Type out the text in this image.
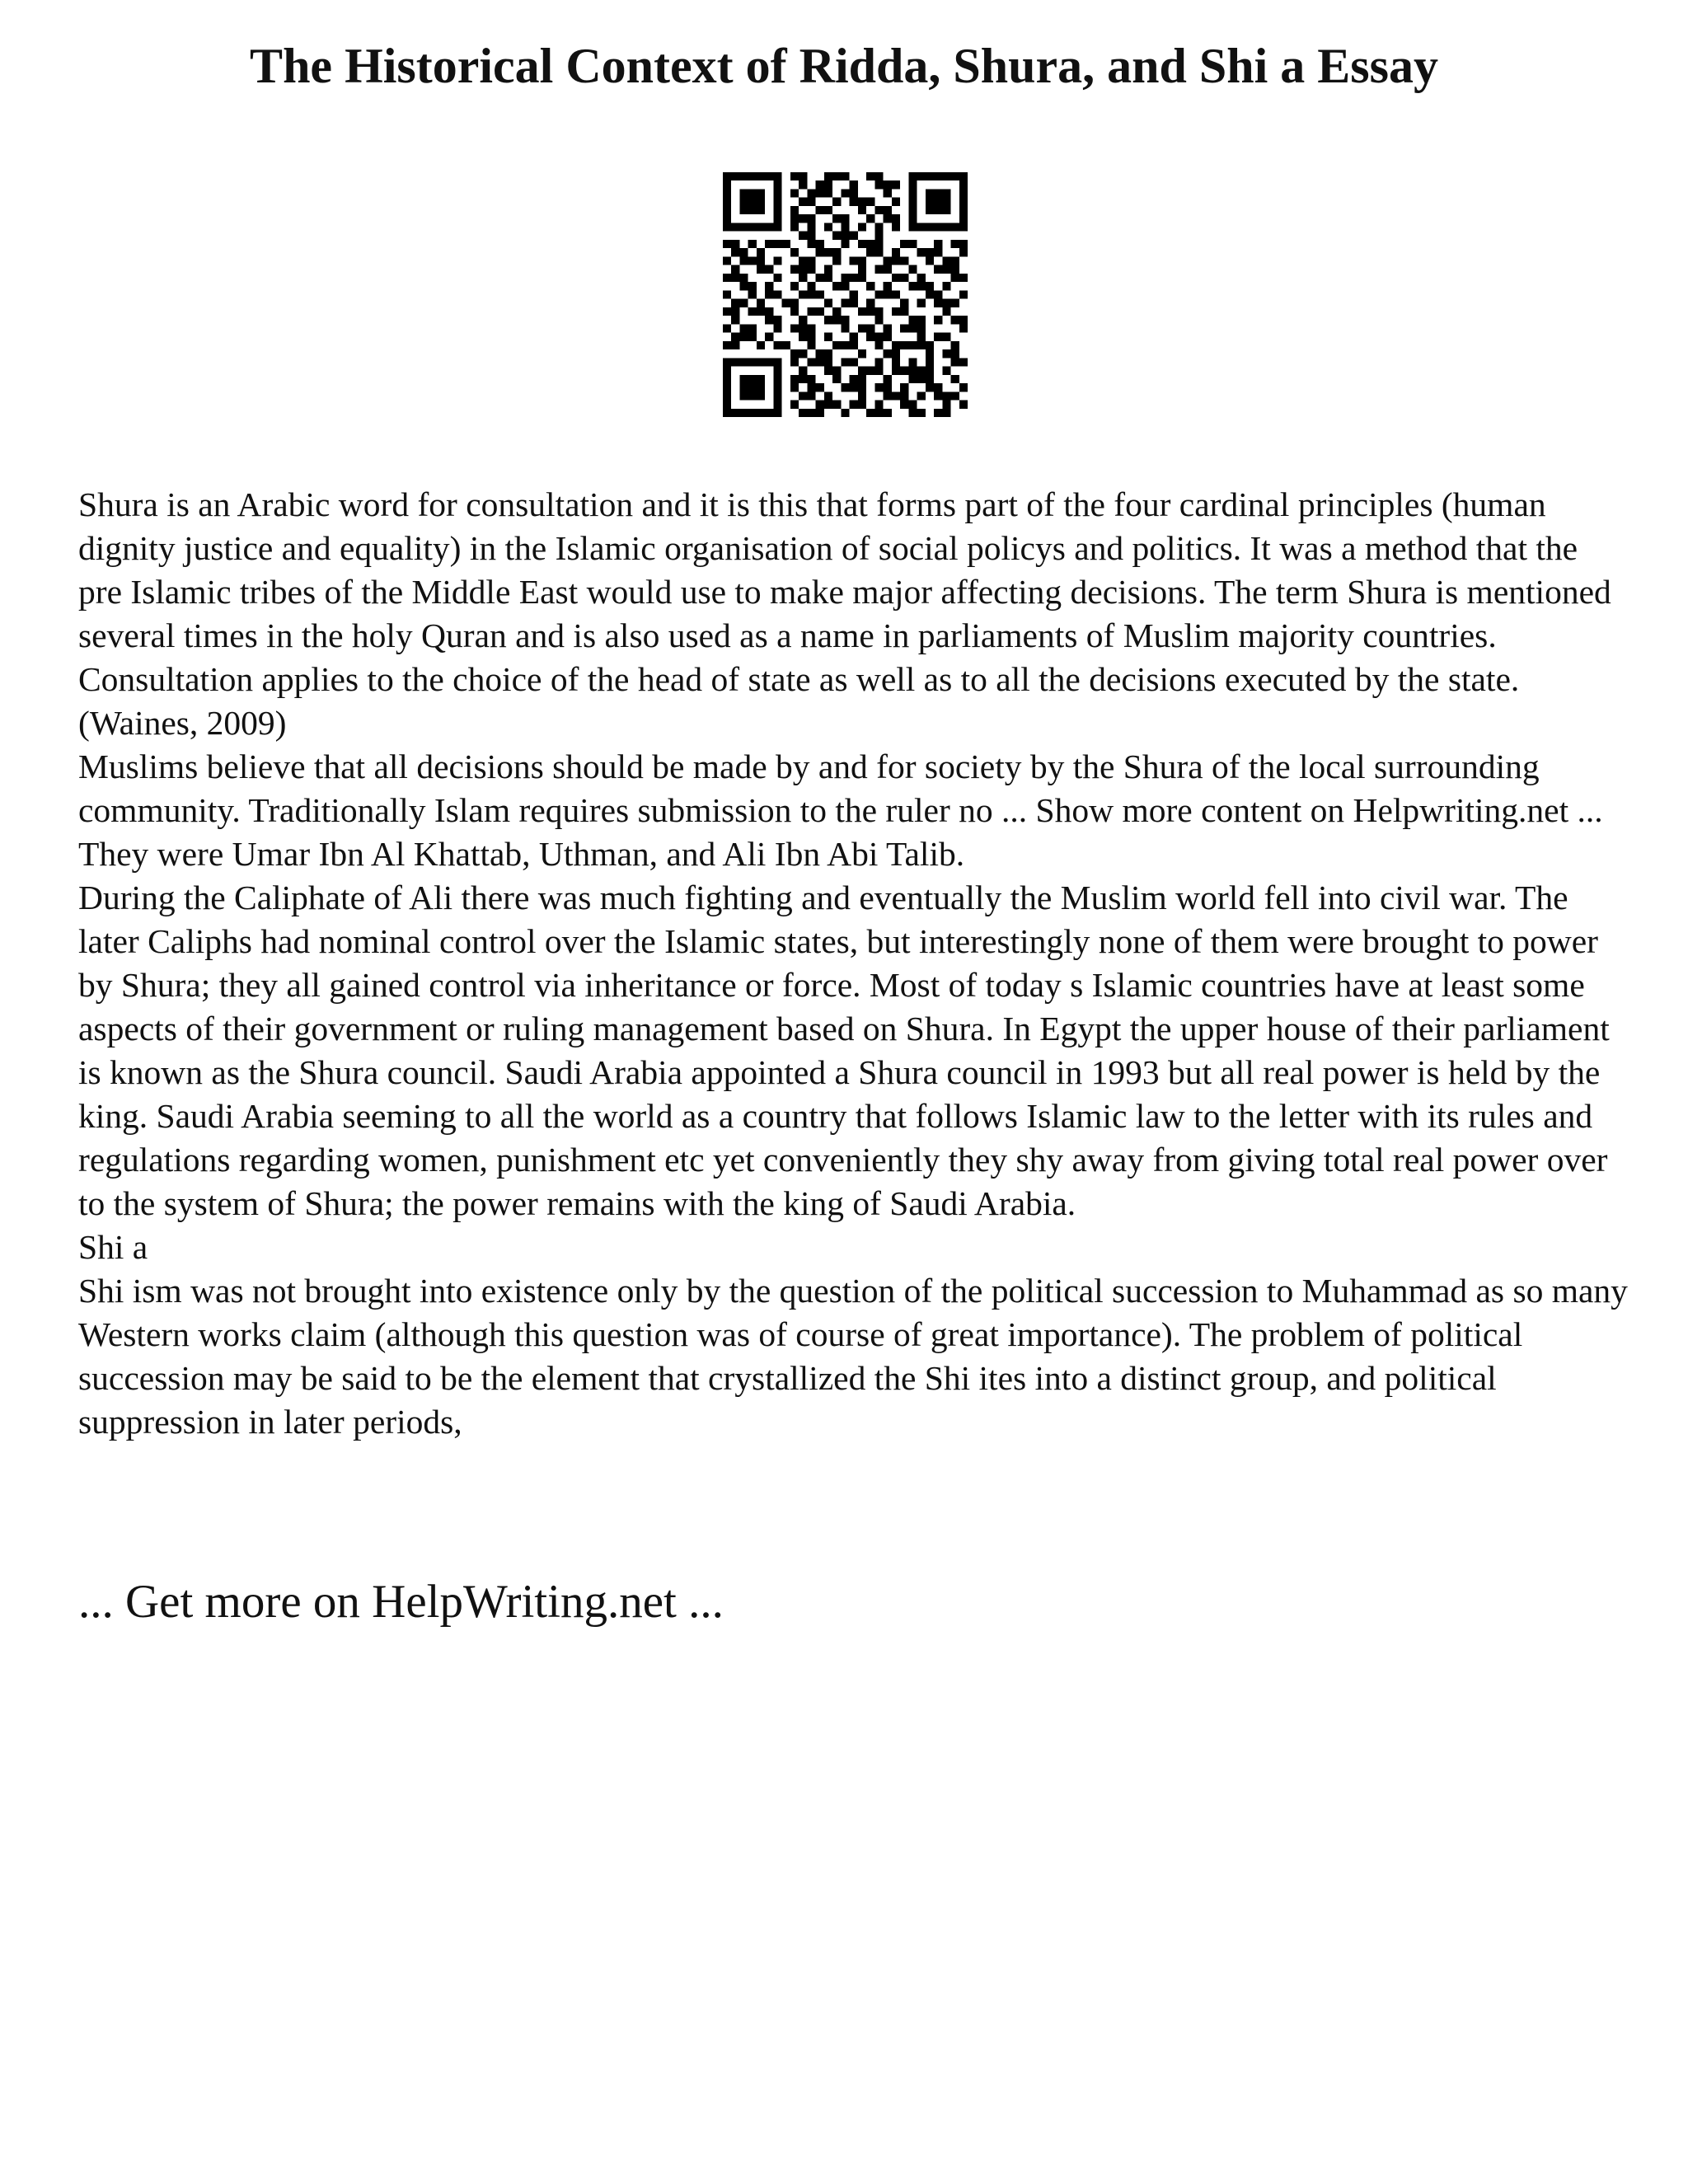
The Historical Context of Ridda, Shura, and Shi a Essay

Shura is an Arabic word for consultation and it is this that forms part of the four cardinal principles (human dignity justice and equality) in the Islamic organisation of social policys and politics. It was a method that the pre Islamic tribes of the Middle East would use to make major affecting decisions. The term Shura is mentioned several times in the holy Quran and is also used as a name in parliaments of Muslim majority countries. Consultation applies to the choice of the head of state as well as to all the decisions executed by the state. (Waines, 2009)

Muslims believe that all decisions should be made by and for society by the Shura of the local surrounding community. Traditionally Islam requires submission to the ruler no ... Show more content on Helpwriting.net ...

They were Umar Ibn Al Khattab, Uthman, and Ali Ibn Abi Talib.

During the Caliphate of Ali there was much fighting and eventually the Muslim world fell into civil war. The later Caliphs had nominal control over the Islamic states, but interestingly none of them were brought to power by Shura; they all gained control via inheritance or force. Most of today s Islamic countries have at least some aspects of their government or ruling management based on Shura. In Egypt the upper house of their parliament is known as the Shura council. Saudi Arabia appointed a Shura council in 1993 but all real power is held by the king. Saudi Arabia seeming to all the world as a country that follows Islamic law to the letter with its rules and regulations regarding women, punishment etc yet conveniently they shy away from giving total real power over to the system of Shura; the power remains with the king of Saudi Arabia.

Shi a

Shi ism was not brought into existence only by the question of the political succession to Muhammad as so many Western works claim (although this question was of course of great importance). The problem of political succession may be said to be the element that crystallized the Shi ites into a distinct group, and political suppression in later periods,

... Get more on HelpWriting.net ...
